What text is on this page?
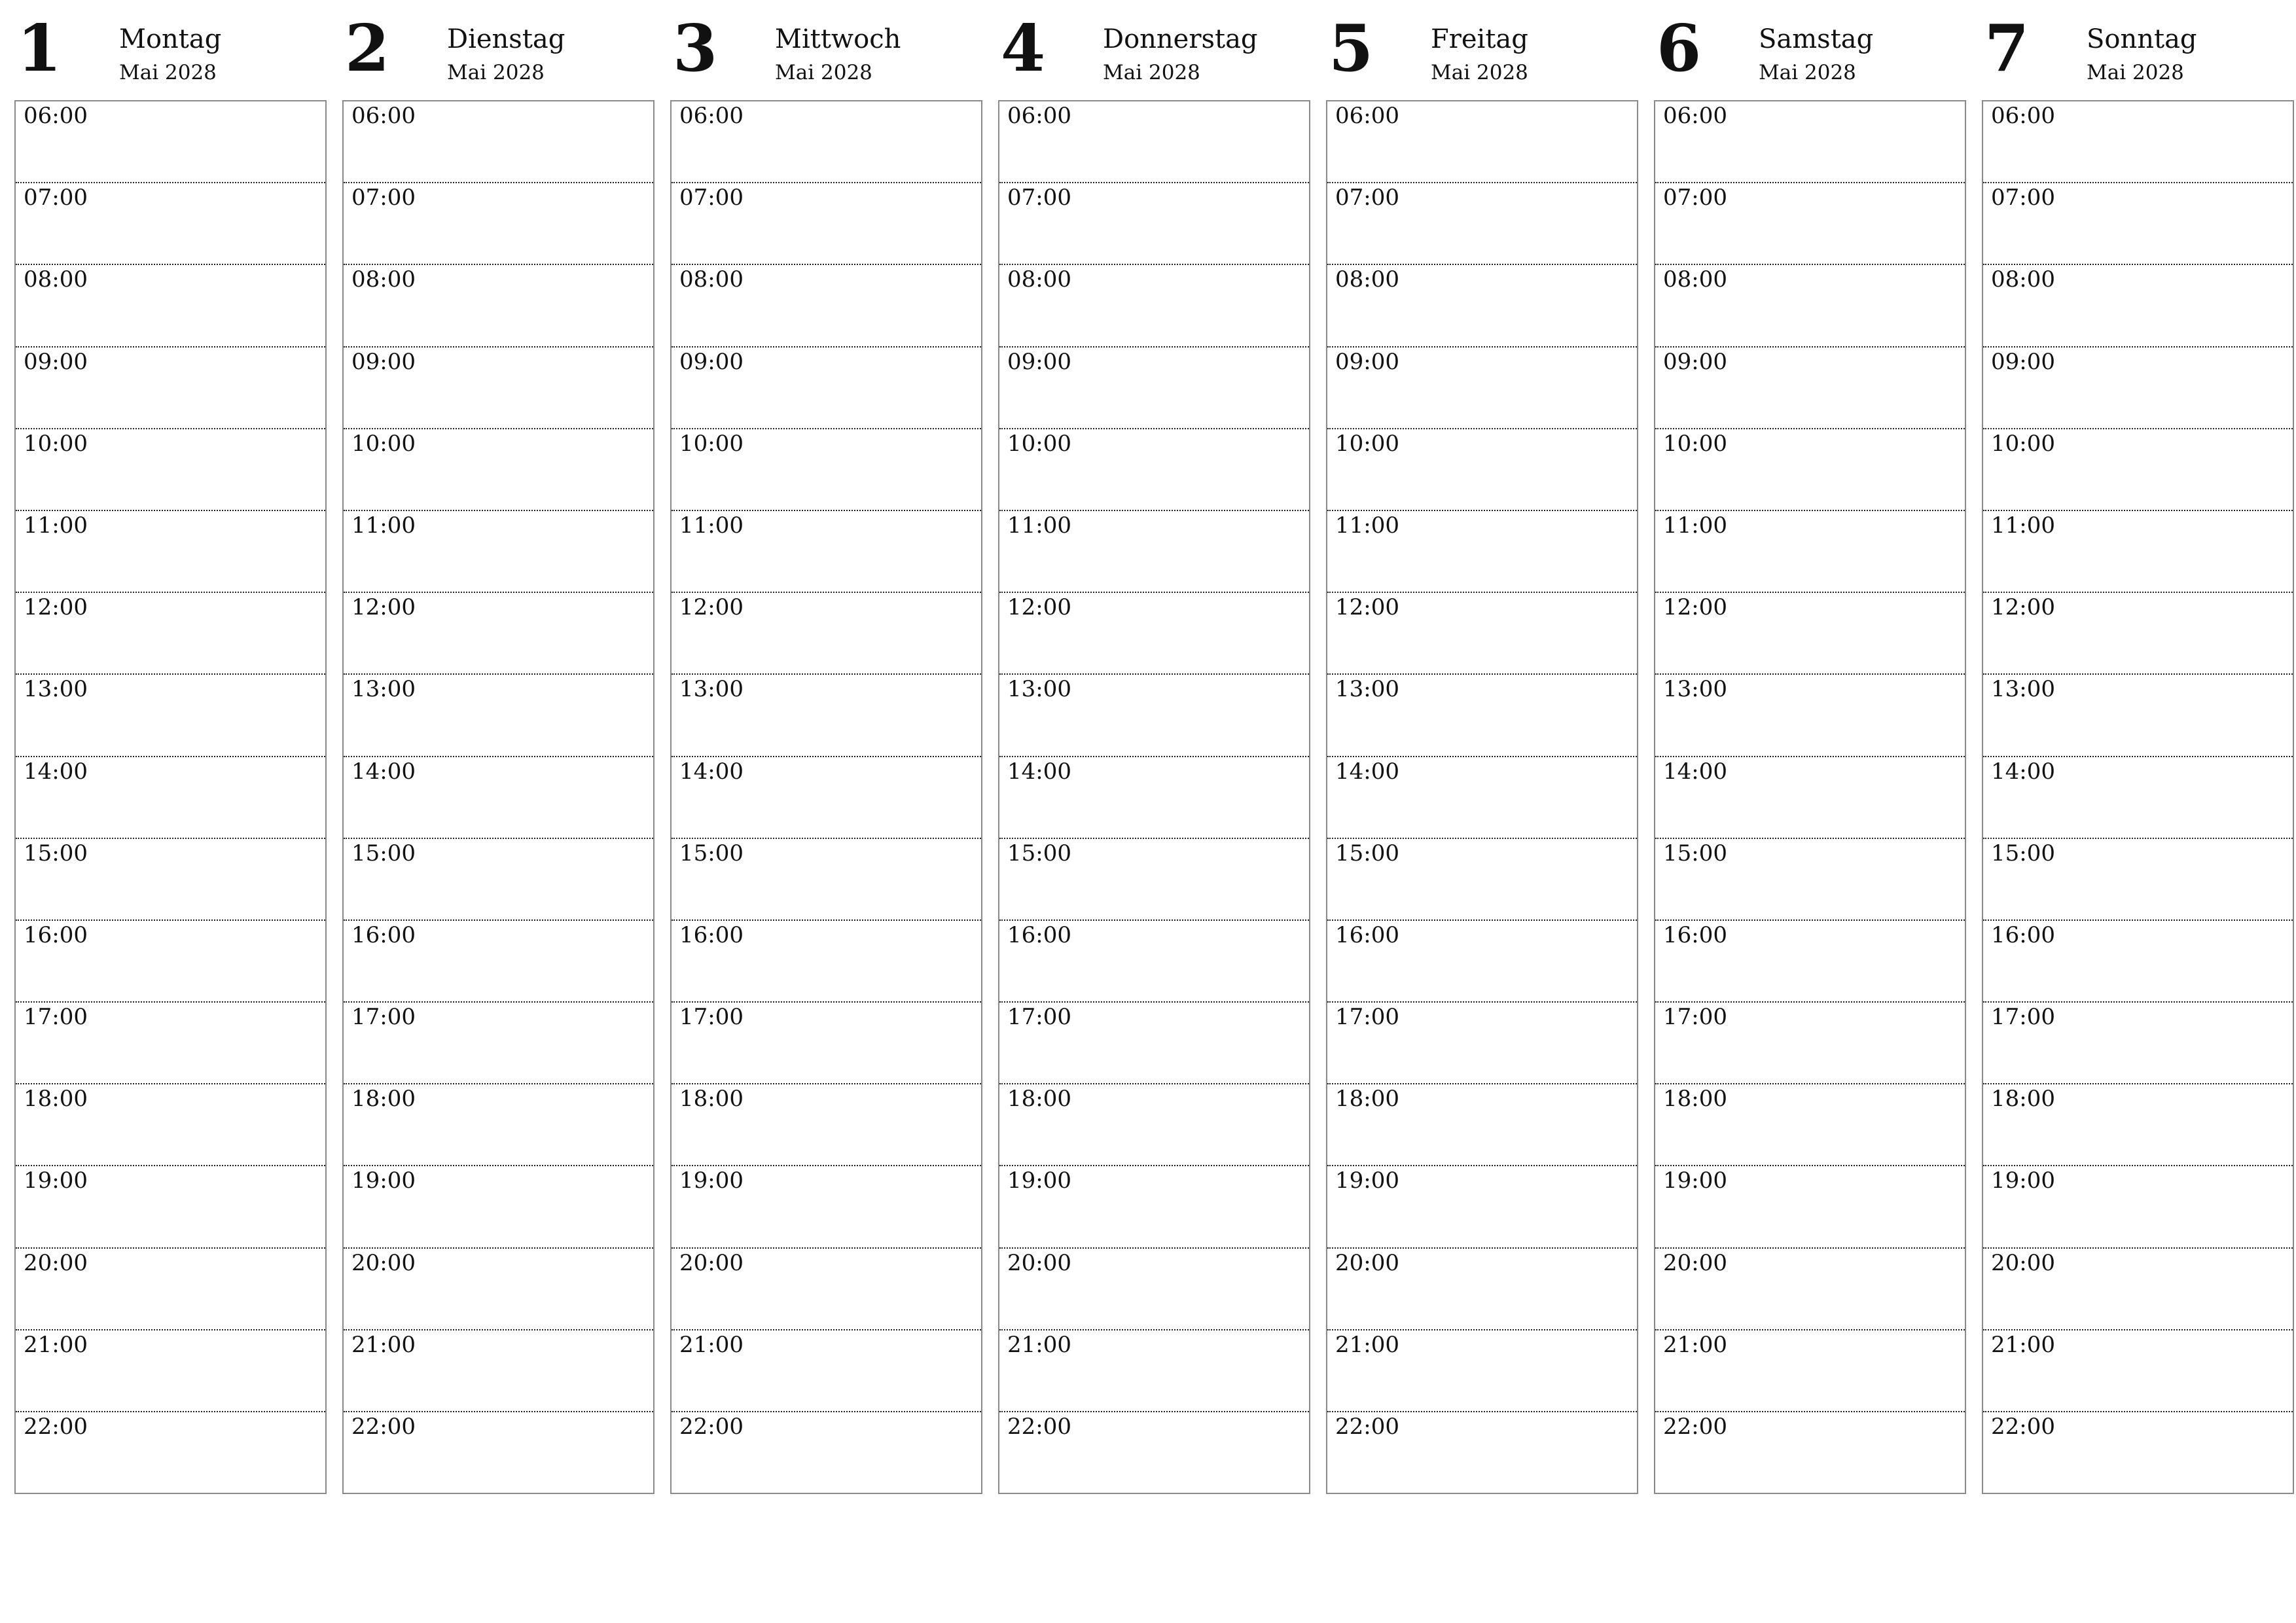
1 Montag
Mai 2028
06:00
07:00
08:00
09:00
10:00
11:00
12:00
13:00
14:00
15:00
16:00
17:00
18:00
19:00
20:00
21:00
22:00
2 Dienstag
Mai 2028
06:00
07:00
08:00
09:00
10:00
11:00
12:00
13:00
14:00
15:00
16:00
17:00
18:00
19:00
20:00
21:00
22:00
3 Mittwoch
Mai 2028
06:00
07:00
08:00
09:00
10:00
11:00
12:00
13:00
14:00
15:00
16:00
17:00
18:00
19:00
20:00
21:00
22:00
4 Donnerstag
Mai 2028
06:00
07:00
08:00
09:00
10:00
11:00
12:00
13:00
14:00
15:00
16:00
17:00
18:00
19:00
20:00
21:00
22:00
5 Freitag
Mai 2028
06:00
07:00
08:00
09:00
10:00
11:00
12:00
13:00
14:00
15:00
16:00
17:00
18:00
19:00
20:00
21:00
22:00
6 Samstag
Mai 2028
06:00
07:00
08:00
09:00
10:00
11:00
12:00
13:00
14:00
15:00
16:00
17:00
18:00
19:00
20:00
21:00
22:00
7 Sonntag
Mai 2028
06:00
07:00
08:00
09:00
10:00
11:00
12:00
13:00
14:00
15:00
16:00
17:00
18:00
19:00
20:00
21:00
22:00
